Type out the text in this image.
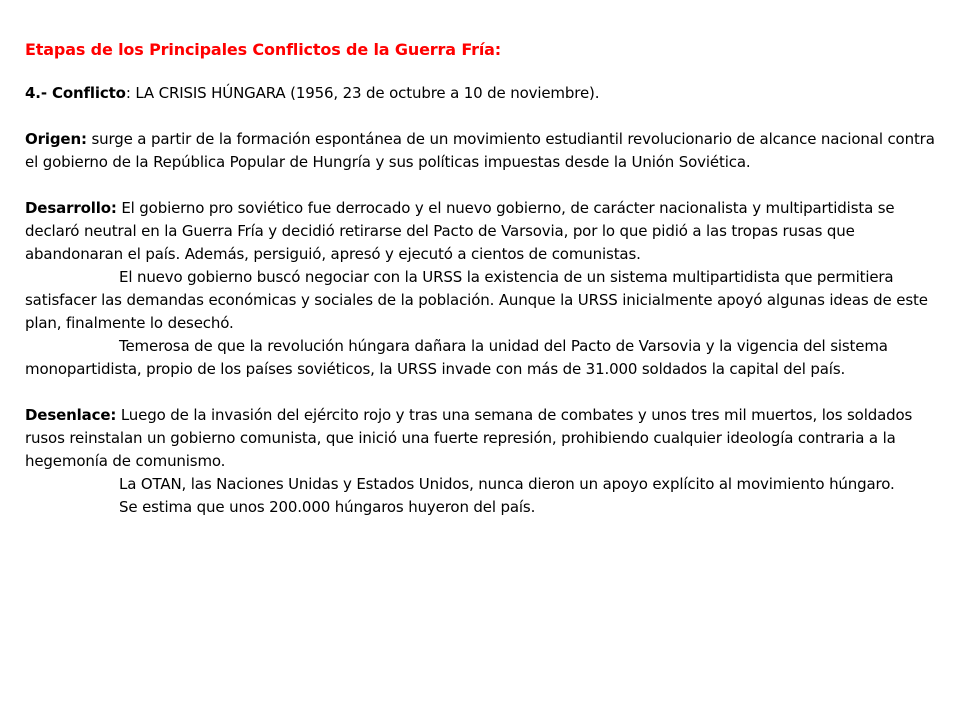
Etapas de los Principales Conflictos de la Guerra Fría:

4.- Conflicto: LA CRISIS HÚNGARA (1956, 23 de octubre a 10 de noviembre).

Origen: surge a partir de la formación espontánea de un movimiento estudiantil revolucionario de alcance nacional contra el gobierno de la República Popular de Hungría y sus políticas impuestas desde la Unión Soviética.

Desarrollo: El gobierno pro soviético fue derrocado y el nuevo gobierno, de carácter nacionalista y multipartidista se declaró neutral en la Guerra Fría y decidió retirarse del Pacto de Varsovia, por lo que pidió a las tropas rusas que abandonaran el país. Además, persiguió, apresó y ejecutó a cientos de comunistas.

El nuevo gobierno buscó negociar con la URSS la existencia de un sistema multipartidista que permitiera satisfacer las demandas económicas y sociales de la población. Aunque la URSS inicialmente apoyó algunas ideas de este plan, finalmente lo desechó.

Temerosa de que la revolución húngara dañara la unidad del Pacto de Varsovia y la vigencia del sistema monopartidista, propio de los países soviéticos, la URSS invade con más de 31.000 soldados la capital del país.

Desenlace: Luego de la invasión del ejército rojo y tras una semana de combates y unos tres mil muertos, los soldados rusos reinstalan un gobierno comunista, que inició una fuerte represión, prohibiendo cualquier ideología contraria a la hegemonía de comunismo.

La OTAN, las Naciones Unidas y Estados Unidos, nunca dieron un apoyo explícito al movimiento húngaro.

Se estima que unos 200.000 húngaros huyeron del país.
